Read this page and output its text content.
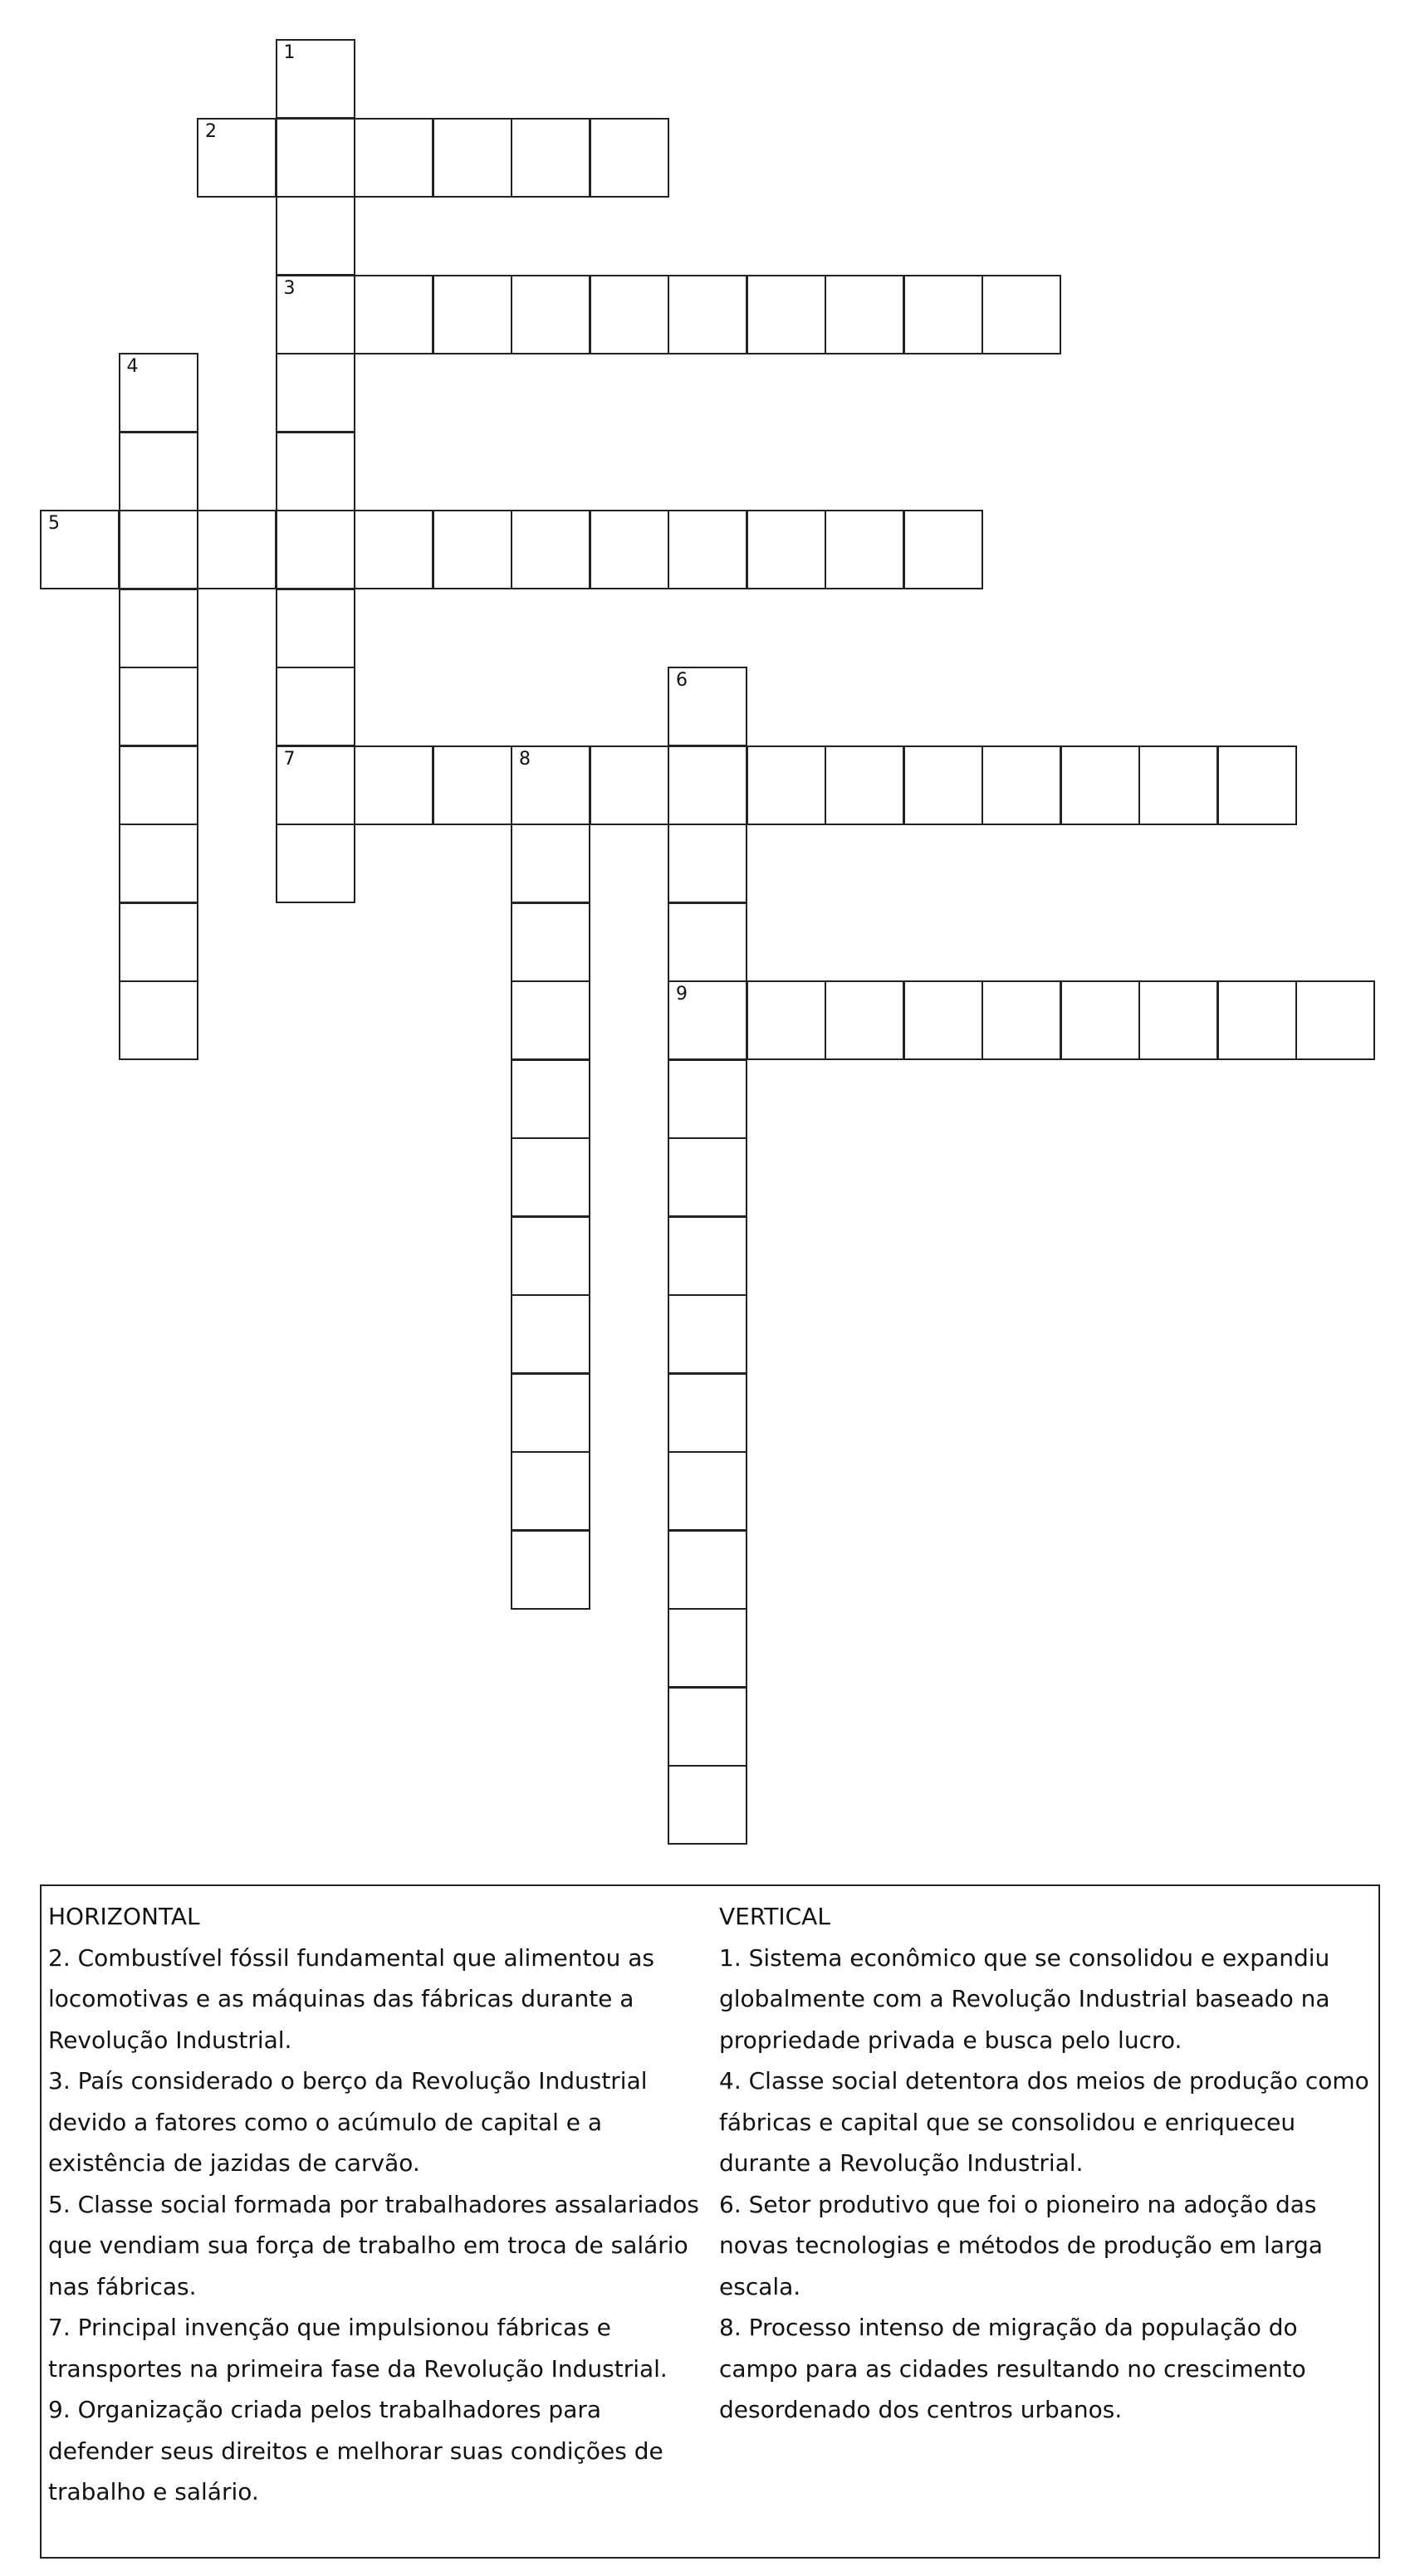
1
3
7
2
4
5
6
9
8

HORIZONTAL

2. Combustível fóssil fundamental que alimentou as locomotivas e as máquinas das fábricas durante a Revolução Industrial.

3. País considerado o berço da Revolução Industrial devido a fatores como o acúmulo de capital e a existência de jazidas de carvão.

5. Classe social formada por trabalhadores assalariados que vendiam sua força de trabalho em troca de salário nas fábricas.

7. Principal invenção que impulsionou fábricas e transportes na primeira fase da Revolução Industrial.

9. Organização criada pelos trabalhadores para defender seus direitos e melhorar suas condições de trabalho e salário.

VERTICAL

1. Sistema econômico que se consolidou e expandiu globalmente com a Revolução Industrial baseado na propriedade privada e busca pelo lucro.

4. Classe social detentora dos meios de produção como fábricas e capital que se consolidou e enriqueceu durante a Revolução Industrial.

6. Setor produtivo que foi o pioneiro na adoção das novas tecnologias e métodos de produção em larga escala.

8. Processo intenso de migração da população do campo para as cidades resultando no crescimento desordenado dos centros urbanos.
